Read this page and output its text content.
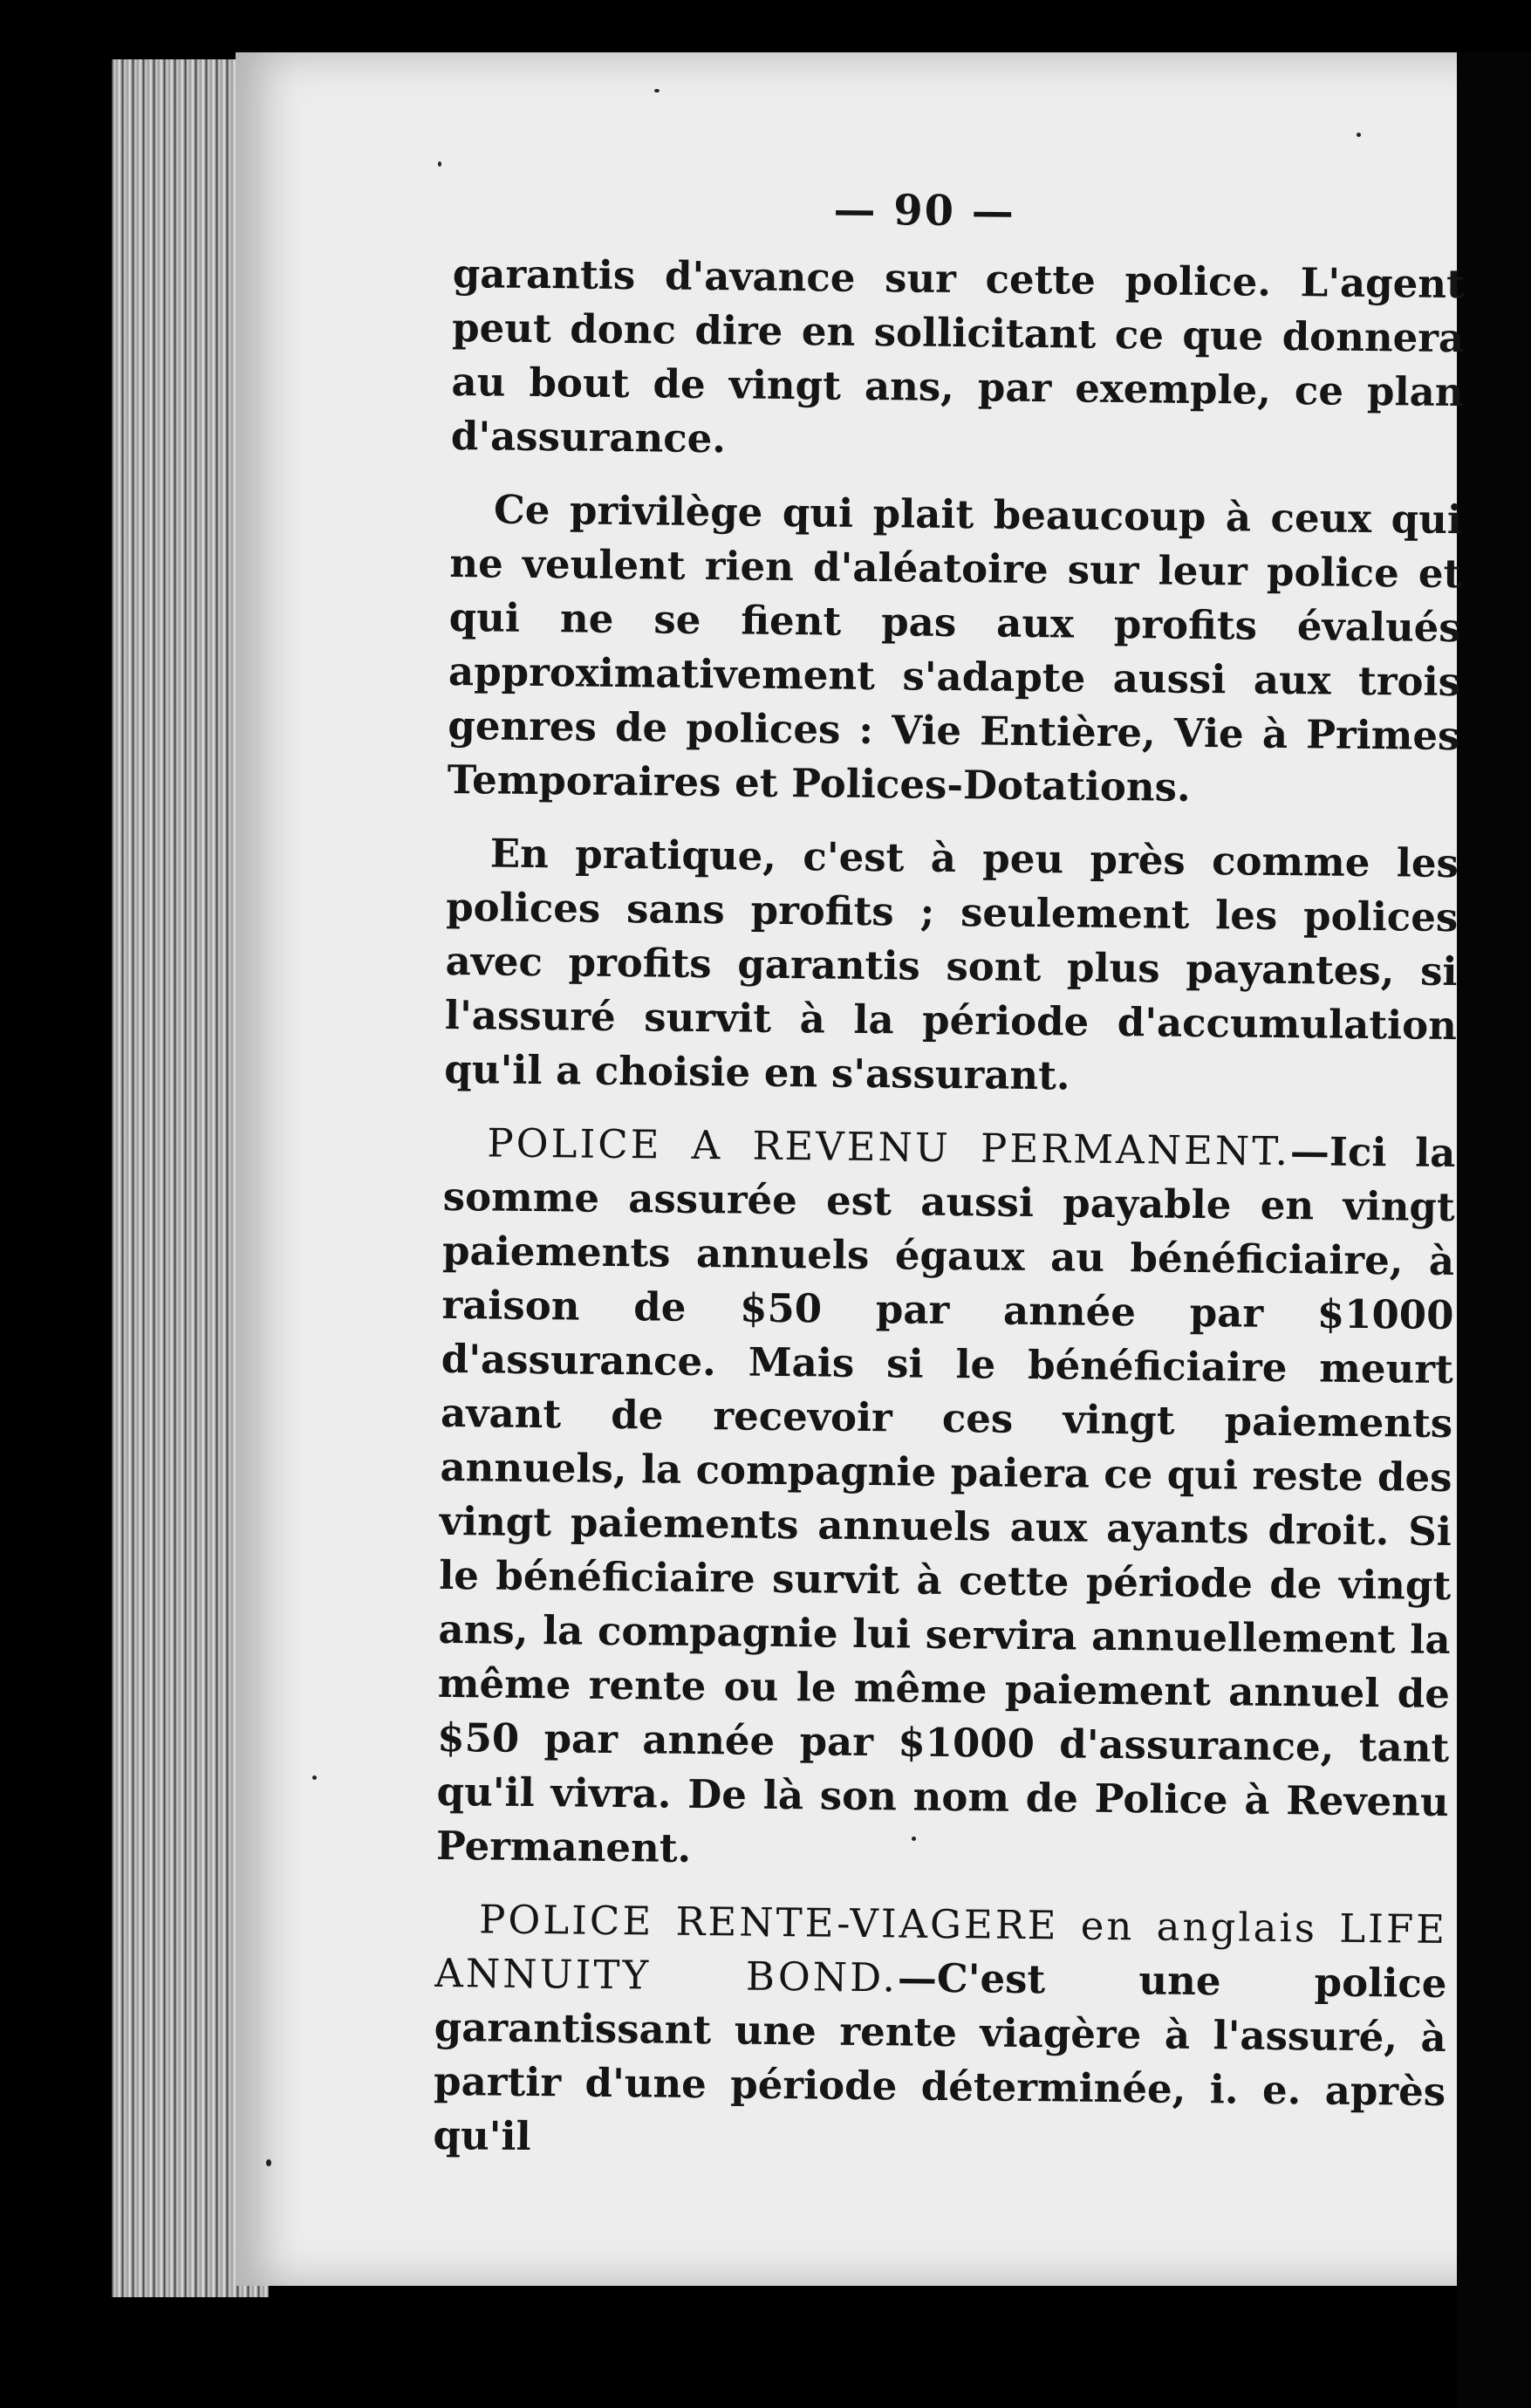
— 90 —

garantis d'avance sur cette police. L'agent peut donc dire en sollicitant ce que donnera au bout de vingt ans, par exemple, ce plan d'assurance.

Ce privilège qui plait beaucoup à ceux qui ne veulent rien d'aléatoire sur leur police et qui ne se fient pas aux profits évalués approximativement s'adapte aussi aux trois genres de polices : Vie Entière, Vie à Primes Temporaires et Polices-Dotations.

En pratique, c'est à peu près comme les polices sans profits ; seulement les polices avec profits garantis sont plus payantes, si l'assuré survit à la période d'accumulation qu'il a choisie en s'assurant.

POLICE A REVENU PERMANENT.—Ici la somme assurée est aussi payable en vingt paiements annuels égaux au bénéficiaire, à raison de $50 par année par $1000 d'assurance. Mais si le bénéficiaire meurt avant de recevoir ces vingt paiements annuels, la compagnie paiera ce qui reste des vingt paiements annuels aux ayants droit. Si le bénéficiaire survit à cette période de vingt ans, la compagnie lui servira annuellement la même rente ou le même paiement annuel de $50 par année par $1000 d'assurance, tant qu'il vivra. De là son nom de Police à Revenu Permanent.

POLICE RENTE-VIAGERE en anglais LIFE ANNUITY BOND.—C'est une police garantissant une rente viagère à l'assuré, à partir d'une période déterminée, i. e. après qu'il
